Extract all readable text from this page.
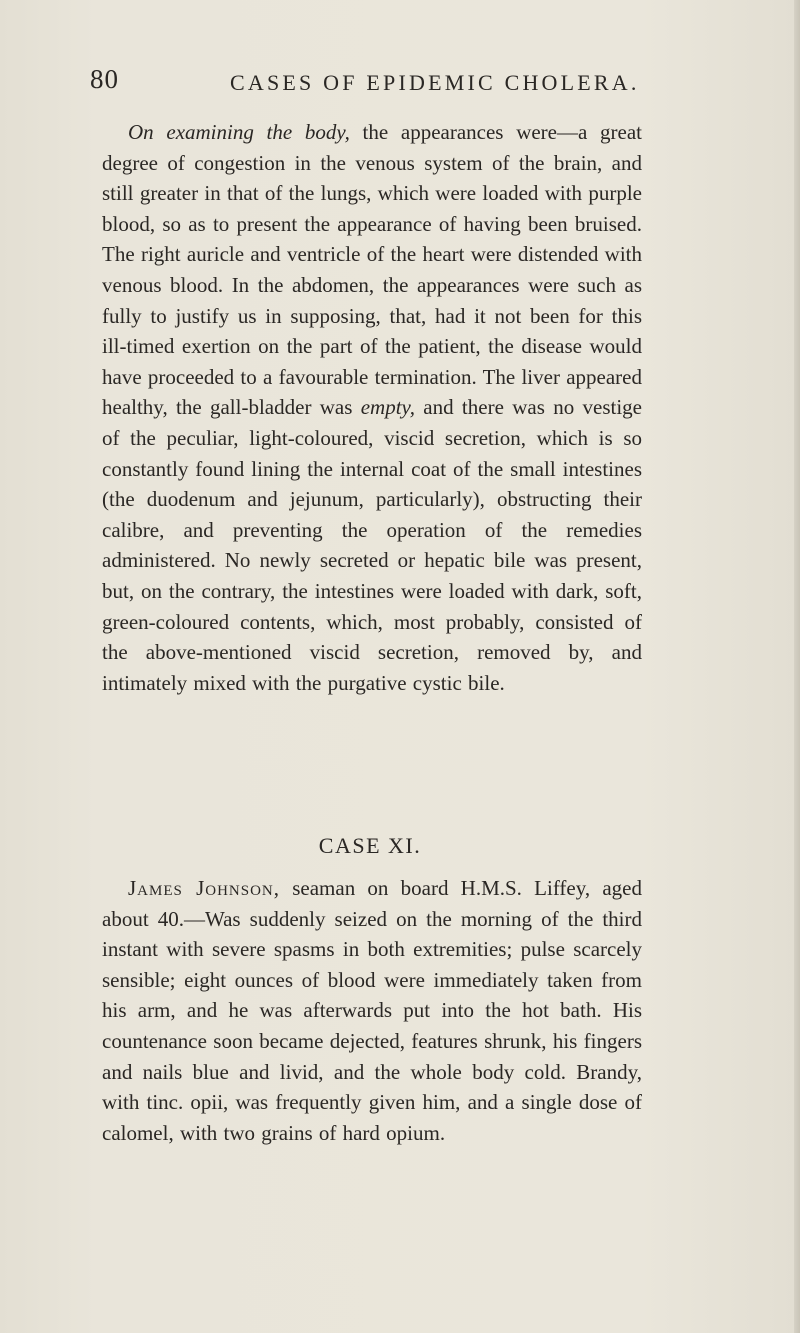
80	CASES OF EPIDEMIC CHOLERA.

On examining the body, the appearances were—a great degree of congestion in the venous system of the brain, and still greater in that of the lungs, which were loaded with purple blood, so as to present the appearance of having been bruised. The right auricle and ventricle of the heart were distended with venous blood. In the abdomen, the appearances were such as fully to justify us in supposing, that, had it not been for this ill-timed exertion on the part of the patient, the disease would have proceeded to a favourable termination. The liver appeared healthy, the gall-bladder was empty, and there was no vestige of the peculiar, light-coloured, viscid secretion, which is so constantly found lining the internal coat of the small intestines (the duodenum and jejunum, particularly), obstructing their calibre, and preventing the operation of the remedies administered. No newly secreted or hepatic bile was present, but, on the contrary, the intestines were loaded with dark, soft, green-coloured contents, which, most probably, consisted of the above-mentioned viscid secretion, removed by, and intimately mixed with the purgative cystic bile.

CASE XI.

James Johnson, seaman on board H.M.S. Liffey, aged about 40.—Was suddenly seized on the morning of the third instant with severe spasms in both extremities; pulse scarcely sensible; eight ounces of blood were immediately taken from his arm, and he was afterwards put into the hot bath. His countenance soon became dejected, features shrunk, his fingers and nails blue and livid, and the whole body cold. Brandy, with tinc. opii, was frequently given him, and a single dose of calomel, with two grains of hard opium.
